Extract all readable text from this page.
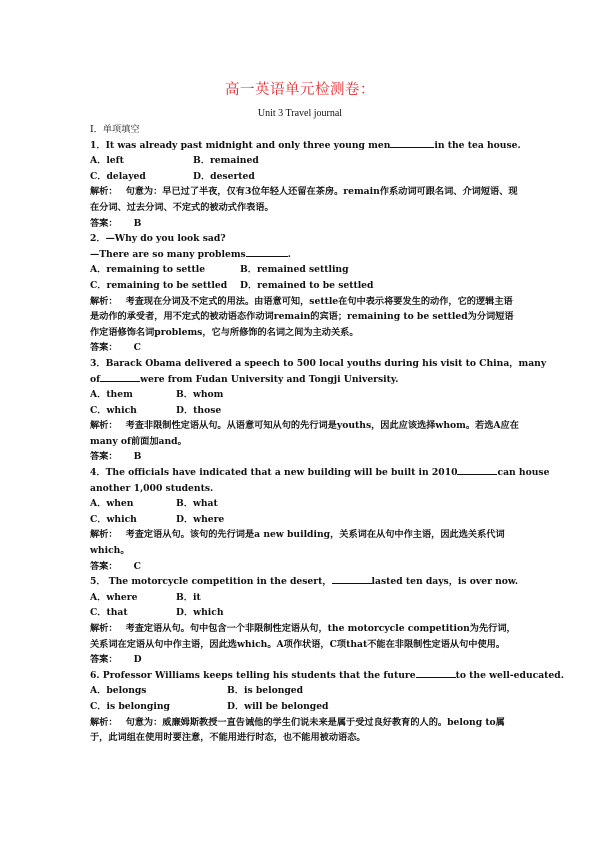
高一英语单元检测卷：
Unit 3 Travel journal
I．单项填空
1．It was already past midnight and only three young men	in the tea house.
A．left	B．remained
C．delayed	D．deserted
解析： 句意为：早已过了半夜，仅有3位年轻人还留在茶房。remain作系动词可跟名词、介词短语、现在分词、过去分词、不定式的被动式作表语。
答案： B
2．—Why do you look sad?
—There are so many problems	.
A．remaining to settle	B．remained settling
C．remaining to be settled	D．remained to be settled
解析： 考查现在分词及不定式的用法。由语意可知，settle在句中表示将要发生的动作，它的逻辑主语是动作的承受者，用不定式的被动语态作动词remain的宾语；remaining to be settled为分词短语作定语修饰名词problems，它与所修饰的名词之间为主动关系。
答案： C
3．Barack Obama delivered a speech to 500 local youths during his visit to China，many
of	were from Fudan University and Tongji University.
A．them	B．whom
C．which	D．those
解析： 考查非限制性定语从句。从语意可知从句的先行词是youths，因此应该选择whom。若选A应在many of前面加and。
答案： B
4．The officials have indicated that a new building will be built in 2010	can house
another 1,000 students.
A．when	B．what
C．which	D．where
解析： 考查定语从句。该句的先行词是a new building，关系词在从句中作主语，因此选关系代词which。
答案： C
5． The motorcycle competition in the desert，	lasted ten days，is over now.
A．where	B．it
C．that	D．which
解析： 考查定语从句。句中包含一个非限制性定语从句，the motorcycle competition为先行词，关系词在定语从句中作主语，因此选which。A项作状语，C项that不能在非限制性定语从句中使用。
答案： D
6. Professor Williams keeps telling his students that the future	to the well-educated.
A．belongs	B．is belonged
C．is belonging	D．will be belonged
解析： 句意为：威廉姆斯教授一直告诫他的学生们说未来是属于受过良好教育的人的。belong to属于，此词组在使用时要注意，不能用进行时态，也不能用被动语态。
